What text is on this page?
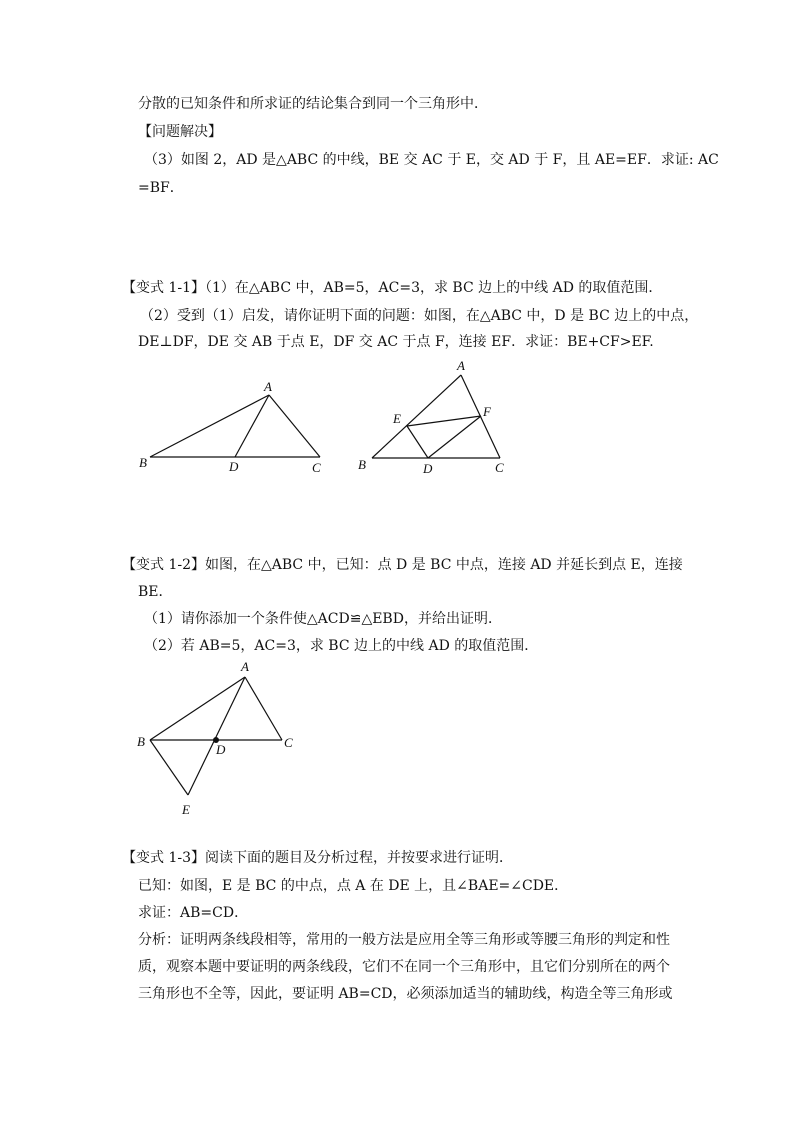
分散的已知条件和所求证的结论集合到同一个三角形中．
【问题解决】
（3）如图 2，AD 是△ABC 的中线，BE 交 AC 于 E，交 AD 于 F，且 AE=EF．求证: AC
=BF．
【变式 1-1】（1）在△ABC 中，AB=5，AC=3，求 BC 边上的中线 AD 的取值范围．
（2）受到（1）启发，请你证明下面的问题：如图，在△ABC 中，D 是 BC 边上的中点，
DE⊥DF，DE 交 AB 于点 E，DF 交 AC 于点 F，连接 EF．求证：BE+CF>EF.
A
B	D	C
A
E	F
B	D	C
【变式 1-2】如图，在△ABC 中，已知：点 D 是 BC 中点，连接 AD 并延长到点 E，连接
BE．
（1）请你添加一个条件使△ACD≌△EBD，并给出证明．
（2）若 AB=5，AC=3，求 BC 边上的中线 AD 的取值范围．
A
B
D	C
E
【变式 1-3】阅读下面的题目及分析过程，并按要求进行证明．
已知：如图，E 是 BC 的中点，点 A 在 DE 上，且∠BAE=∠CDE．
求证：AB=CD．
分析：证明两条线段相等，常用的一般方法是应用全等三角形或等腰三角形的判定和性
质，观察本题中要证明的两条线段，它们不在同一个三角形中，且它们分别所在的两个
三角形也不全等，因此，要证明 AB=CD，必须添加适当的辅助线，构造全等三角形或
